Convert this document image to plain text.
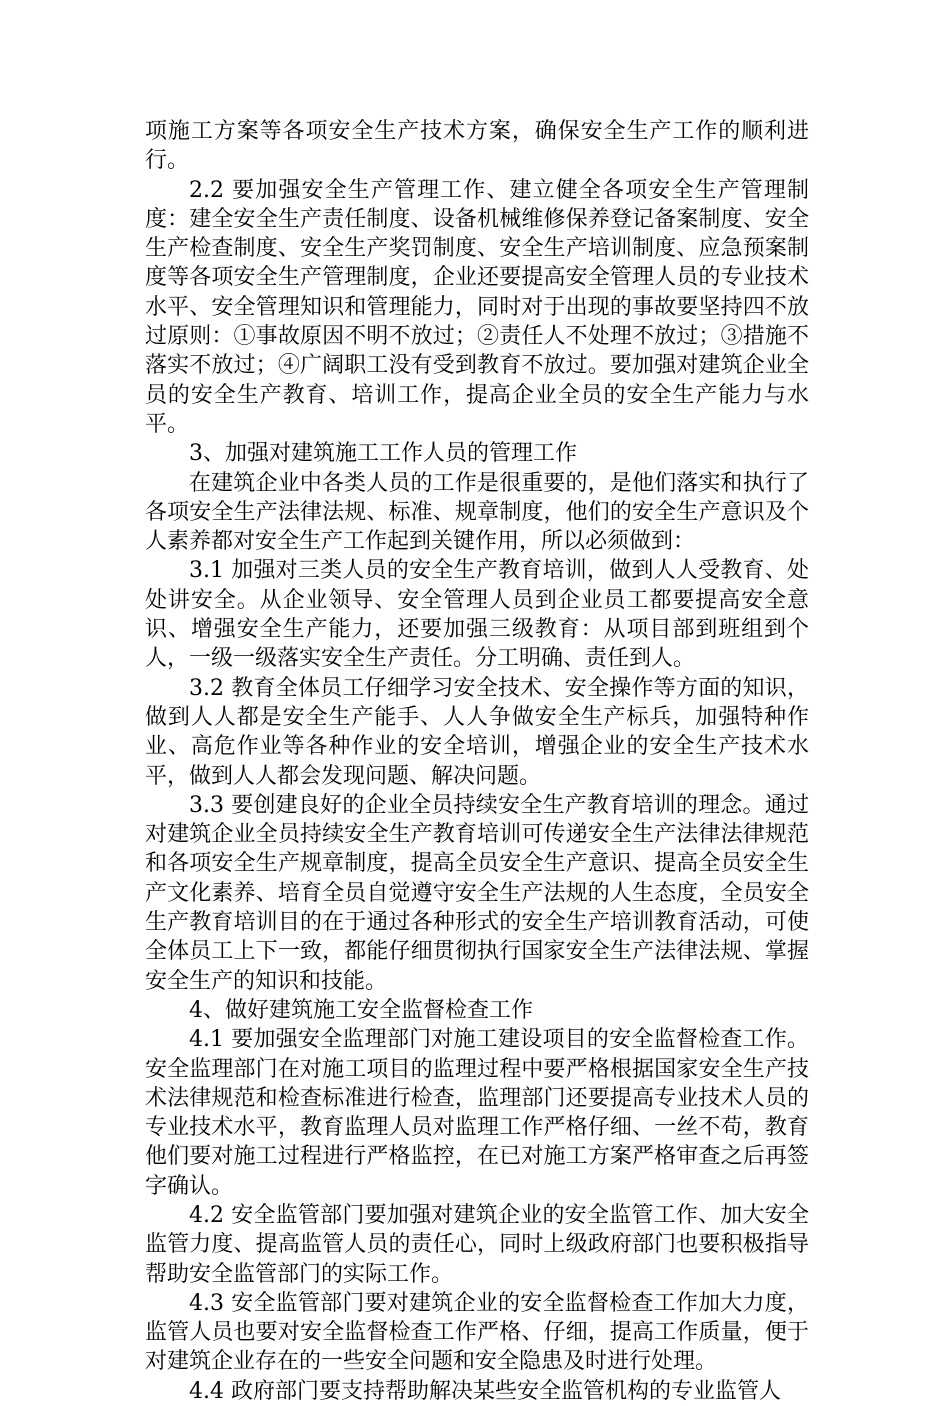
项施工方案等各项安全生产技术方案，确保安全生产工作的顺利进行。

2.2 要加强安全生产管理工作、建立健全各项安全生产管理制度：建全安全生产责任制度、设备机械维修保养登记备案制度、安全生产检查制度、安全生产奖罚制度、安全生产培训制度、应急预案制度等各项安全生产管理制度，企业还要提高安全管理人员的专业技术水平、安全管理知识和管理能力，同时对于出现的事故要坚持四不放过原则：①事故原因不明不放过；②责任人不处理不放过；③措施不落实不放过；④广阔职工没有受到教育不放过。要加强对建筑企业全员的安全生产教育、培训工作，提高企业全员的安全生产能力与水平。

3、加强对建筑施工工作人员的管理工作

在建筑企业中各类人员的工作是很重要的，是他们落实和执行了各项安全生产法律法规、标准、规章制度，他们的安全生产意识及个人素养都对安全生产工作起到关键作用，所以必须做到：

3.1 加强对三类人员的安全生产教育培训，做到人人受教育、处处讲安全。从企业领导、安全管理人员到企业员工都要提高安全意识、增强安全生产能力，还要加强三级教育：从项目部到班组到个人，一级一级落实安全生产责任。分工明确、责任到人。

3.2 教育全体员工仔细学习安全技术、安全操作等方面的知识，做到人人都是安全生产能手、人人争做安全生产标兵，加强特种作业、高危作业等各种作业的安全培训，增强企业的安全生产技术水平，做到人人都会发现问题、解决问题。

3.3 要创建良好的企业全员持续安全生产教育培训的理念。通过对建筑企业全员持续安全生产教育培训可传递安全生产法律法律规范和各项安全生产规章制度，提高全员安全生产意识、提高全员安全生产文化素养、培育全员自觉遵守安全生产法规的人生态度，全员安全生产教育培训目的在于通过各种形式的安全生产培训教育活动，可使全体员工上下一致，都能仔细贯彻执行国家安全生产法律法规、掌握安全生产的知识和技能。

4、做好建筑施工安全监督检查工作

4.1 要加强安全监理部门对施工建设项目的安全监督检查工作。安全监理部门在对施工项目的监理过程中要严格根据国家安全生产技术法律规范和检查标准进行检查，监理部门还要提高专业技术人员的专业技术水平，教育监理人员对监理工作严格仔细、一丝不苟，教育他们要对施工过程进行严格监控，在已对施工方案严格审查之后再签字确认。

4.2 安全监管部门要加强对建筑企业的安全监管工作、加大安全监管力度、提高监管人员的责任心，同时上级政府部门也要积极指导帮助安全监管部门的实际工作。

4.3 安全监管部门要对建筑企业的安全监督检查工作加大力度，监管人员也要对安全监督检查工作严格、仔细，提高工作质量，便于对建筑企业存在的一些安全问题和安全隐患及时进行处理。

4.4 政府部门要支持帮助解决某些安全监管机构的专业监管人
